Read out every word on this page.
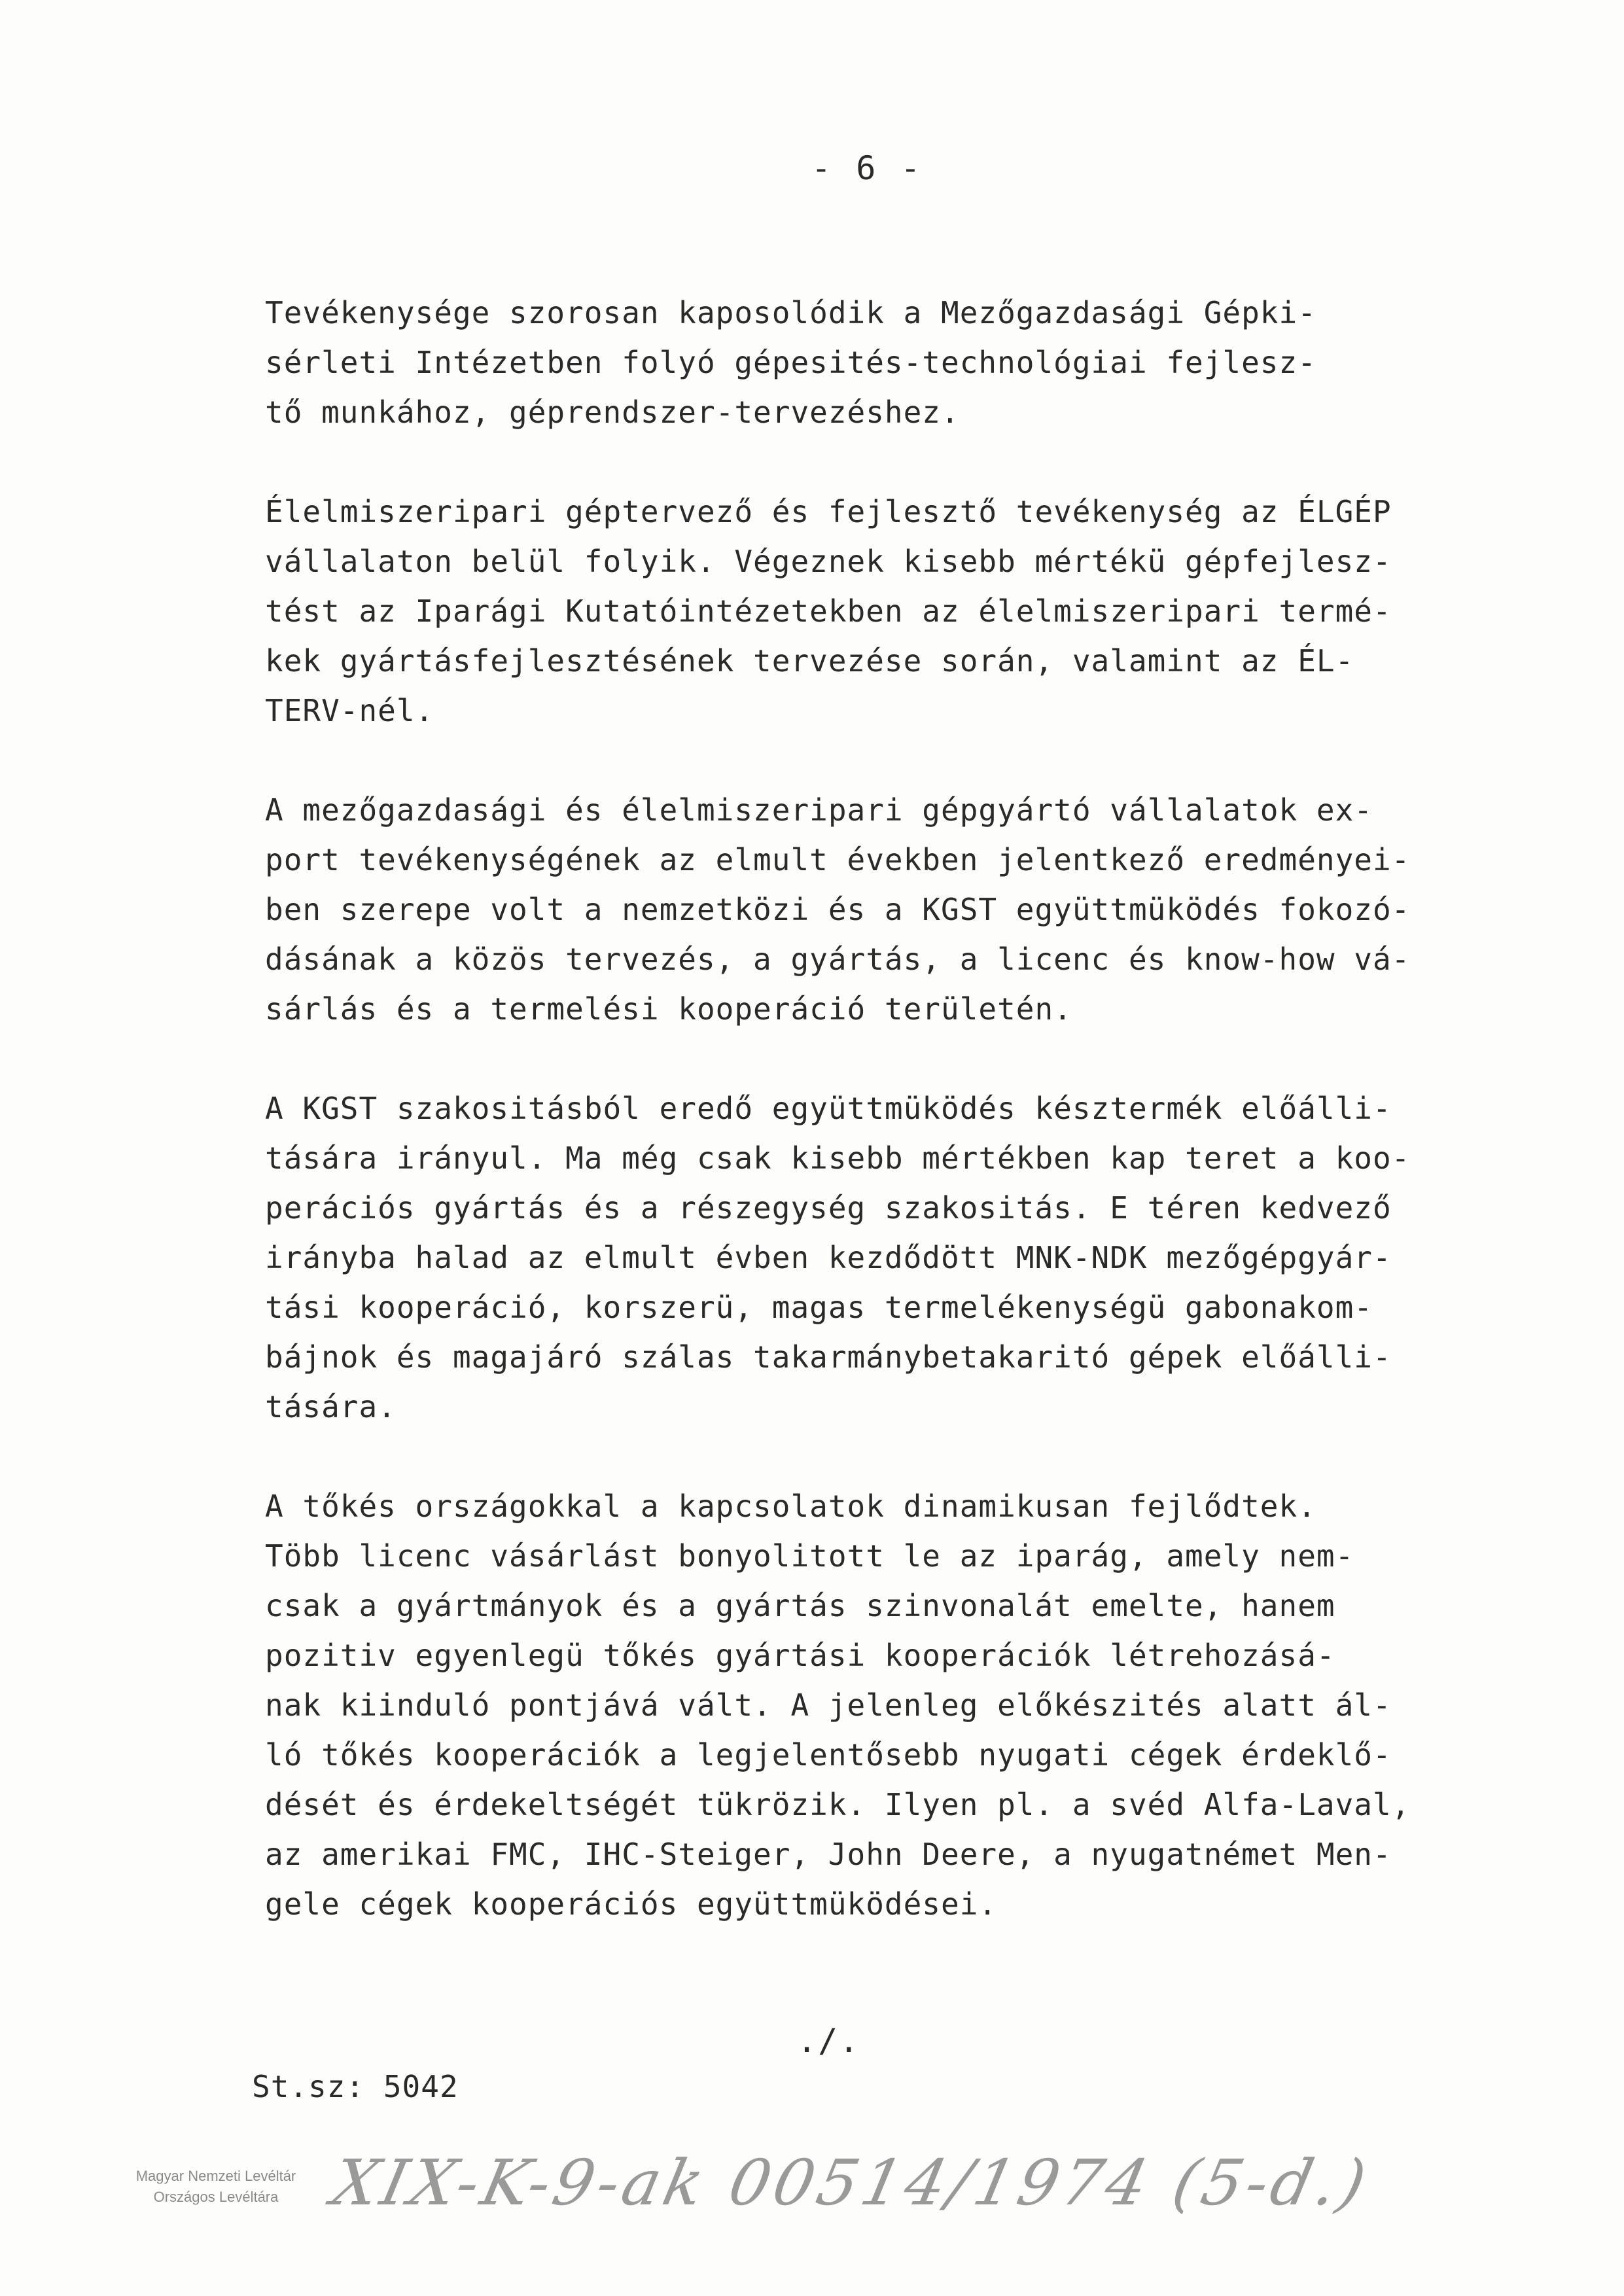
- 6 -
Tevékenysége szorosan kaposolódik a Mezőgazdasági Gépki-
sérleti Intézetben folyó gépesités-technológiai fejlesz-
tő munkához, géprendszer-tervezéshez.
Élelmiszeripari géptervező és fejlesztő tevékenység az ÉLGÉP
vállalaton belül folyik. Végeznek kisebb mértékü gépfejlesz-
tést az Iparági Kutatóintézetekben az élelmiszeripari termé-
kek gyártásfejlesztésének tervezése során, valamint az ÉL-
TERV-nél.
A mezőgazdasági és élelmiszeripari gépgyártó vállalatok ex-
port tevékenységének az elmult években jelentkező eredményei-
ben szerepe volt a nemzetközi és a KGST együttmüködés fokozó-
dásának a közös tervezés, a gyártás, a licenc és know-how vá-
sárlás és a termelési kooperáció területén.
A KGST szakositásból eredő együttmüködés késztermék előálli-
tására irányul. Ma még csak kisebb mértékben kap teret a koo-
perációs gyártás és a részegység szakositás. E téren kedvező
irányba halad az elmult évben kezdődött MNK-NDK mezőgépgyár-
tási kooperáció, korszerü, magas termelékenységü gabonakom-
bájnok és magajáró szálas takarmánybetakaritó gépek előálli-
tására.
A tőkés országokkal a kapcsolatok dinamikusan fejlődtek.
Több licenc vásárlást bonyolitott le az iparág, amely nem-
csak a gyártmányok és a gyártás szinvonalát emelte, hanem
pozitiv egyenlegü tőkés gyártási kooperációk létrehozásá-
nak kiinduló pontjává vált. A jelenleg előkészités alatt ál-
ló tőkés kooperációk a legjelentősebb nyugati cégek érdeklő-
dését és érdekeltségét tükrözik. Ilyen pl. a svéd Alfa-Laval,
az amerikai FMC, IHC-Steiger, John Deere, a nyugatnémet Men-
gele cégek kooperációs együttmüködései.
./.
St.sz: 5042
Magyar Nemzeti Levéltár
Országos Levéltára XIX-K-9-ak 00514/1974 (5-d.)
